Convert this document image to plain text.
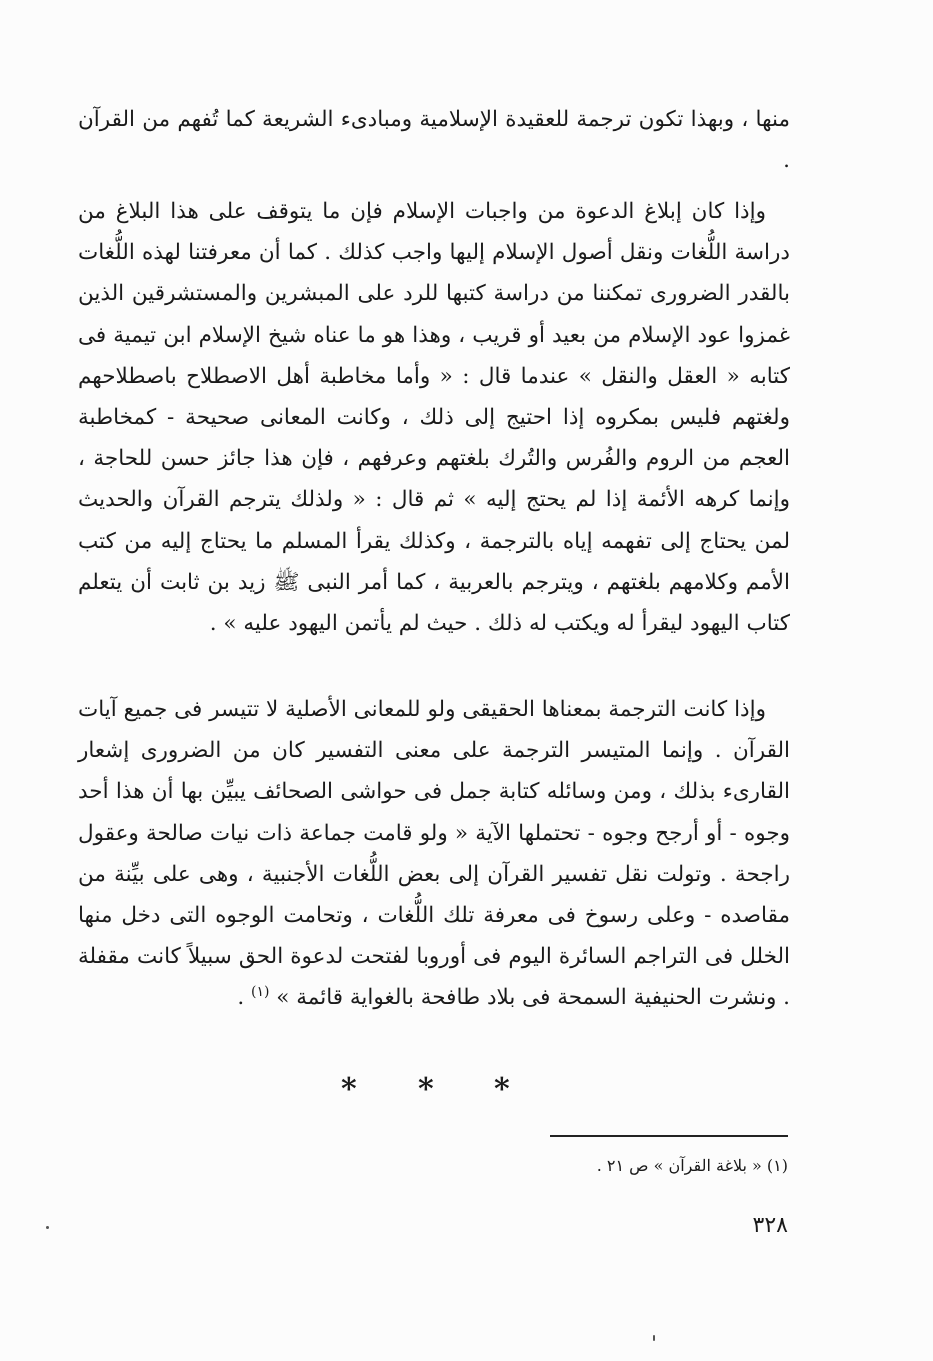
منها ، وبهذا تكون ترجمة للعقيدة الإسلامية ومبادىء الشريعة كما تُفهم من القرآن .

وإذا كان إبلاغ الدعوة من واجبات الإسلام فإن ما يتوقف على هذا البلاغ من دراسة اللُّغات ونقل أصول الإسلام إليها واجب كذلك . كما أن معرفتنا لهذه اللُّغات بالقدر الضرورى تمكننا من دراسة كتبها للرد على المبشرين والمستشرقين الذين غمزوا عود الإسلام من بعيد أو قريب ، وهذا هو ما عناه شيخ الإسلام ابن تيمية فى كتابه « العقل والنقل » عندما قال : « وأما مخاطبة أهل الاصطلاح باصطلاحهم ولغتهم فليس بمكروه إذا احتيج إلى ذلك ، وكانت المعانى صحيحة - كمخاطبة العجم من الروم والفُرس والتُرك بلغتهم وعرفهم ، فإن هذا جائز حسن للحاجة ، وإنما كرهه الأئمة إذا لم يحتج إليه » ثم قال : « ولذلك يترجم القرآن والحديث لمن يحتاج إلى تفهمه إياه بالترجمة ، وكذلك يقرأ المسلم ما يحتاج إليه من كتب الأمم وكلامهم بلغتهم ، ويترجم بالعربية ، كما أمر النبى ﷺ زيد بن ثابت أن يتعلم كتاب اليهود ليقرأ له ويكتب له ذلك . حيث لم يأتمن اليهود عليه » .

وإذا كانت الترجمة بمعناها الحقيقى ولو للمعانى الأصلية لا تتيسر فى جميع آيات القرآن . وإنما المتيسر الترجمة على معنى التفسير كان من الضرورى إشعار القارىء بذلك ، ومن وسائله كتابة جمل فى حواشى الصحائف يبيِّن بها أن هذا أحد وجوه - أو أرجح وجوه - تحتملها الآية « ولو قامت جماعة ذات نيات صالحة وعقول راجحة . وتولت نقل تفسير القرآن إلى بعض اللُّغات الأجنبية ، وهى على بيِّنة من مقاصده - وعلى رسوخ فى معرفة تلك اللُّغات ، وتحامت الوجوه التى دخل منها الخلل فى التراجم السائرة اليوم فى أوروبا لفتحت لدعوة الحق سبيلاً كانت مقفلة . ونشرت الحنيفية السمحة فى بلاد طافحة بالغواية قائمة » $^{(١)}$ .

* * *
(١) « بلاغة القرآن » ص ٢١ .
٣٢٨
